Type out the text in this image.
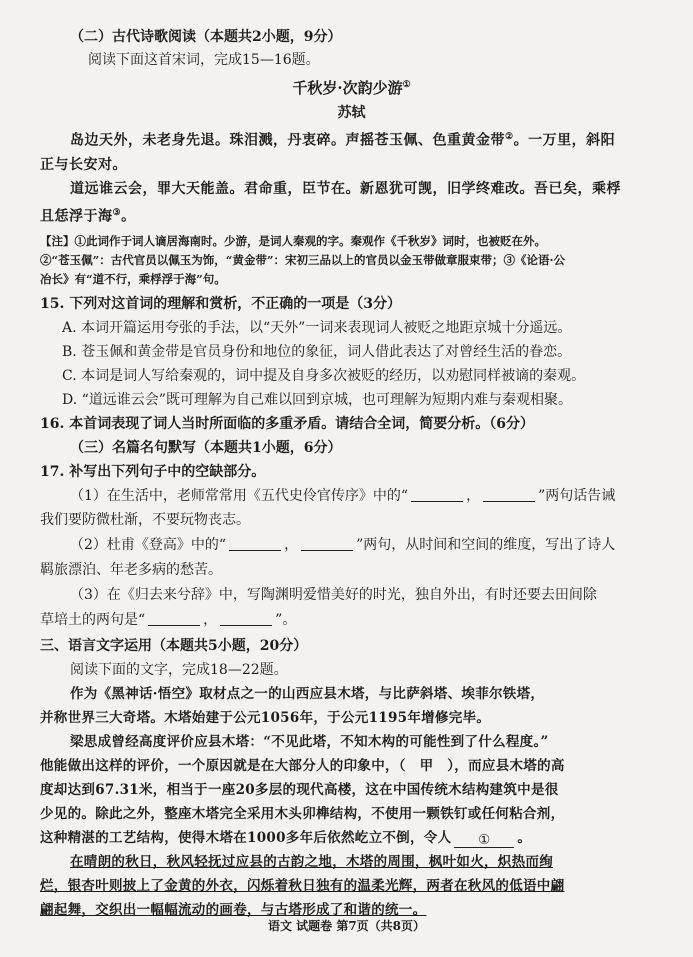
（二）古代诗歌阅读（本题共2小题，9分）
阅读下面这首宋词，完成15—16题。
千秋岁·次韵少游①
苏轼
岛边天外，未老身先退。珠泪溅，丹衷碎。声摇苍玉佩、色重黄金带②。一万里，斜阳
正与长安对。
道远谁云会，罪大天能盖。君命重，臣节在。新恩犹可觊，旧学终难改。吾已矣，乘桴
且恁浮于海③。
【注】①此词作于词人谪居海南时。少游，是词人秦观的字。秦观作《千秋岁》词时，也被贬在外。
②“苍玉佩”：古代官员以佩玉为饰，“黄金带”：宋初三品以上的官员以金玉带做章服束带；③《论语·公
冶长》有“道不行，乘桴浮于海”句。
15. 下列对这首词的理解和赏析，不正确的一项是（3分）
A. 本词开篇运用夸张的手法，以“天外”一词来表现词人被贬之地距京城十分遥远。
B. 苍玉佩和黄金带是官员身份和地位的象征，词人借此表达了对曾经生活的眷恋。
C. 本词是词人写给秦观的，词中提及自身多次被贬的经历，以劝慰同样被谪的秦观。
D. “道远谁云会”既可理解为自己难以回到京城，也可理解为短期内难与秦观相聚。
16. 本首词表现了词人当时所面临的多重矛盾。请结合全词，简要分析。（6分）
（三）名篇名句默写（本题共1小题，6分）
17. 补写出下列句子中的空缺部分。
（1）在生活中，老师常常用《五代史伶官传序》中的“	，	”两句话告诫
我们要防微杜渐，不要玩物丧志。
（2）杜甫《登高》中的“	，	”两句，从时间和空间的维度，写出了诗人
羁旅漂泊、年老多病的愁苦。
（3）在《归去来兮辞》中，写陶渊明爱惜美好的时光，独自外出，有时还要去田间除
草培土的两句是“	，	”。
三、语言文字运用（本题共5小题，20分）
阅读下面的文字，完成18—22题。
作为《黑神话·悟空》取材点之一的山西应县木塔，与比萨斜塔、埃菲尔铁塔，
并称世界三大奇塔。木塔始建于公元1056年，于公元1195年增修完毕。
梁思成曾经高度评价应县木塔：“不见此塔，不知木构的可能性到了什么程度。”
他能做出这样的评价，一个原因就是在大部分人的印象中，（　甲　），而应县木塔的高
度却达到67.31米，相当于一座20多层的现代高楼，这在中国传统木结构建筑中是很
少见的。除此之外，整座木塔完全采用木头卯榫结构，不使用一颗铁钉或任何粘合剂，
这种精湛的工艺结构，使得木塔在1000多年后依然屹立不倒，令人 ① 。
在晴朗的秋日，秋风轻抚过应县的古韵之地，木塔的周围，枫叶如火，炽热而绚
烂，银杏叶则披上了金黄的外衣，闪烁着秋日独有的温柔光辉，两者在秋风的低语中翩
翩起舞，交织出一幅幅流动的画卷，与古塔形成了和谐的统一。
语文 试题卷 第7页（共8页）
